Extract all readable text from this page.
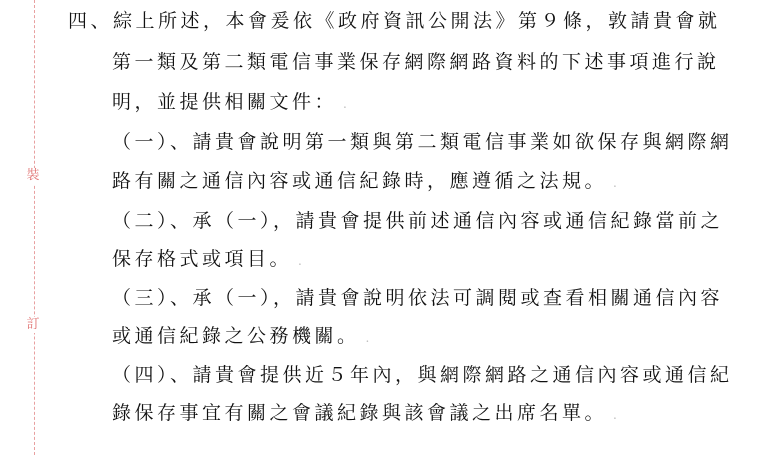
裝
訂

四、綜上所述，本會爰依《政府資訊公開法》第９條，敦請貴會就

第一類及第二類電信事業保存網際網路資料的下述事項進行說

明，並提供相關文件： .

（一）、請貴會說明第一類與第二類電信事業如欲保存與網際網

路有關之通信內容或通信紀錄時，應遵循之法規。 .

（二）、承（一），請貴會提供前述通信內容或通信紀錄當前之

保存格式或項目。 .

（三）、承（一），請貴會說明依法可調閱或查看相關通信內容

或通信紀錄之公務機關。 .

（四）、請貴會提供近５年內，與網際網路之通信內容或通信紀

錄保存事宜有關之會議紀錄與該會議之出席名單。 .
